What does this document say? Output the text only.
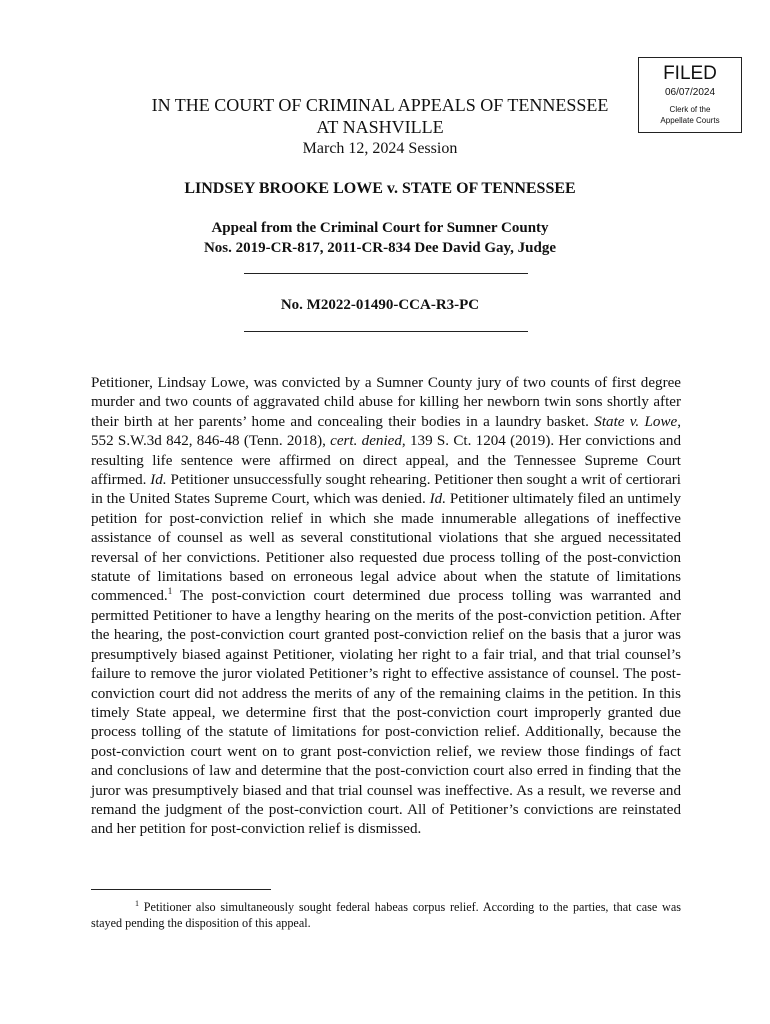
FILED
06/07/2024
Clerk of the
Appellate Courts
IN THE COURT OF CRIMINAL APPEALS OF TENNESSEE
AT NASHVILLE
March 12, 2024 Session
LINDSEY BROOKE LOWE v. STATE OF TENNESSEE
Appeal from the Criminal Court for Sumner County
Nos. 2019-CR-817, 2011-CR-834 Dee David Gay, Judge
No. M2022-01490-CCA-R3-PC

Petitioner, Lindsay Lowe, was convicted by a Sumner County jury of two counts of first degree murder and two counts of aggravated child abuse for killing her newborn twin sons shortly after their birth at her parents’ home and concealing their bodies in a laundry basket. State v. Lowe, 552 S.W.3d 842, 846-48 (Tenn. 2018), cert. denied, 139 S. Ct. 1204 (2019). Her convictions and resulting life sentence were affirmed on direct appeal, and the Tennessee Supreme Court affirmed. Id. Petitioner unsuccessfully sought rehearing. Petitioner then sought a writ of certiorari in the United States Supreme Court, which was denied. Id. Petitioner ultimately filed an untimely petition for post-conviction relief in which she made innumerable allegations of ineffective assistance of counsel as well as several constitutional violations that she argued necessitated reversal of her convictions. Petitioner also requested due process tolling of the post-conviction statute of limitations based on erroneous legal advice about when the statute of limitations commenced.$^1$ The post-conviction court determined due process tolling was warranted and permitted Petitioner to have a lengthy hearing on the merits of the post-conviction petition. After the hearing, the post-conviction court granted post-conviction relief on the basis that a juror was presumptively biased against Petitioner, violating her right to a fair trial, and that trial counsel’s failure to remove the juror violated Petitioner’s right to effective assistance of counsel. The post-conviction court did not address the merits of any of the remaining claims in the petition. In this timely State appeal, we determine first that the post-conviction court improperly granted due process tolling of the statute of limitations for post-conviction relief. Additionally, because the post-conviction court went on to grant post-conviction relief, we review those findings of fact and conclusions of law and determine that the post-conviction court also erred in finding that the juror was presumptively biased and that trial counsel was ineffective. As a result, we reverse and remand the judgment of the post-conviction court. All of Petitioner’s convictions are reinstated and her petition for post-conviction relief is dismissed.

$^1$ Petitioner also simultaneously sought federal habeas corpus relief. According to the parties, that case was stayed pending the disposition of this appeal.
